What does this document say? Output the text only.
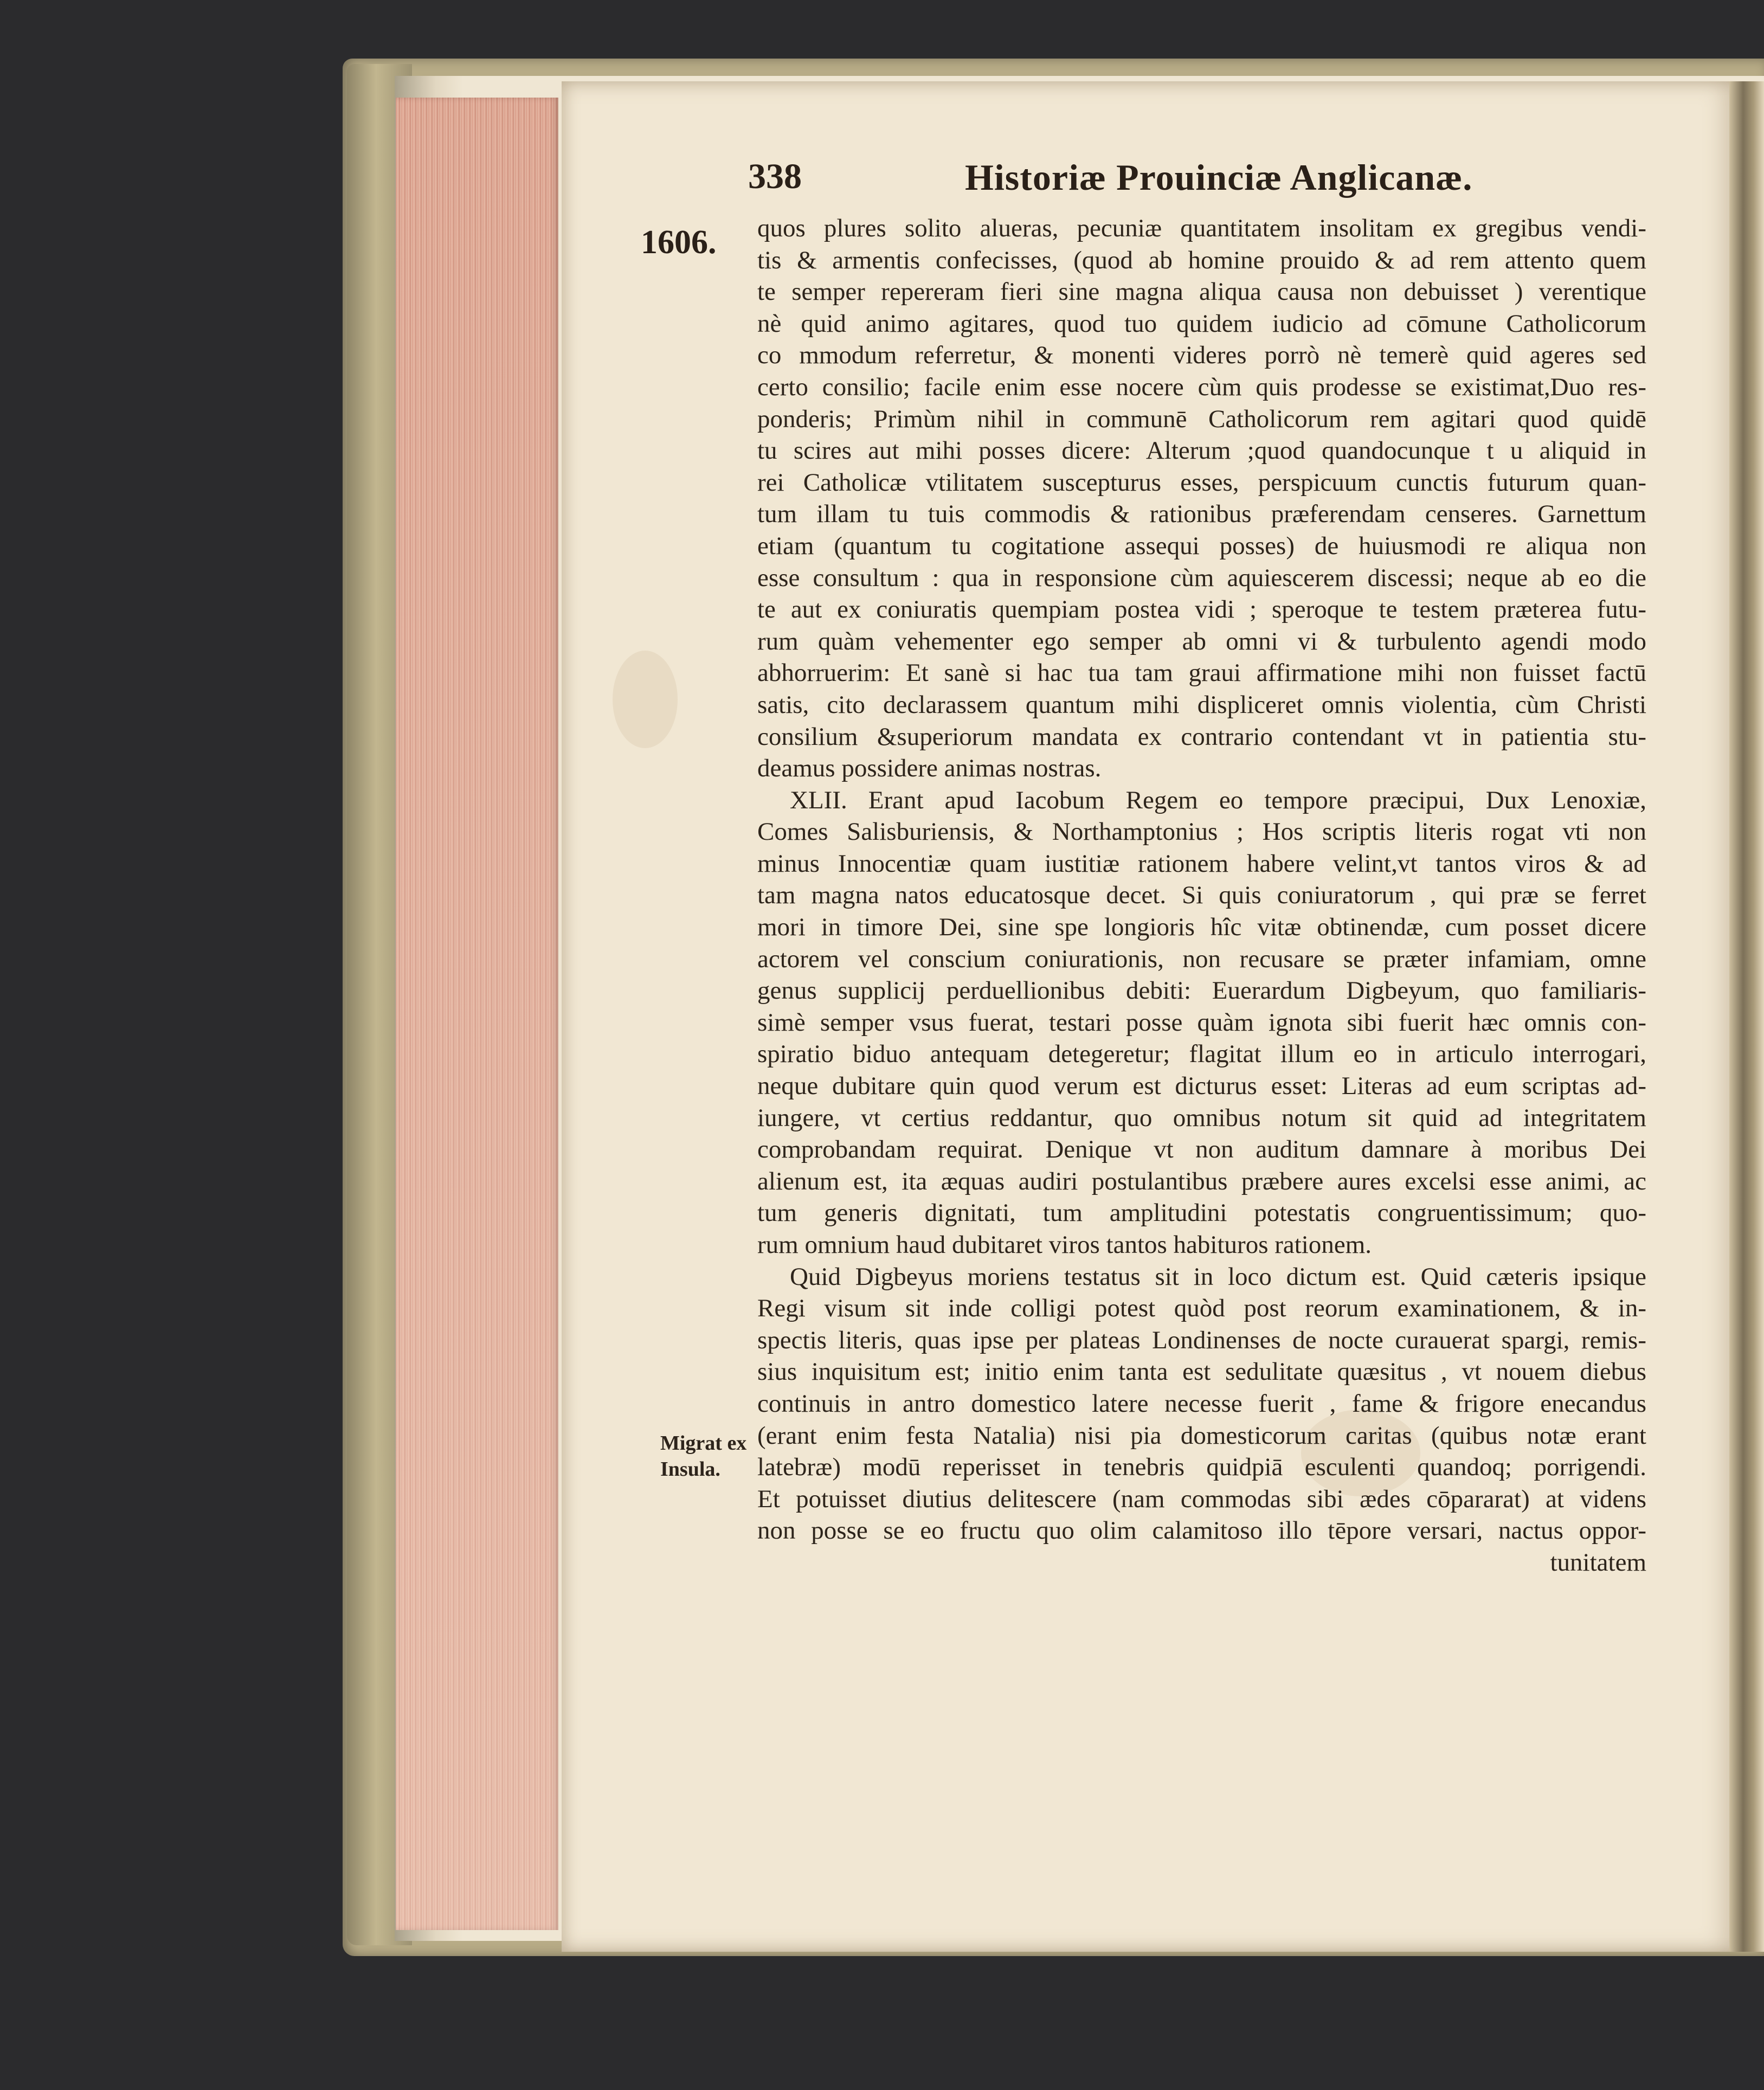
338	Historiæ Prouinciæ Anglicanæ.
1606. quos plures solito alueras, pecuniæ quantitatem insolitam ex gregibus vendi-
tis & armentis confecisses, (quod ab homine prouido & ad rem attento quem
te semper repereram fieri sine magna aliqua causa non debuisset ) verentique
nè quid animo agitares, quod tuo quidem iudicio ad cōmune Catholicorum
co mmodum referretur, & monenti videres porrò nè temerè quid ageres sed
certo consilio; facile enim esse nocere cùm quis prodesse se existimat,Duo res-
ponderis; Primùm nihil in communē Catholicorum rem agitari quod quidē
tu scires aut mihi posses dicere: Alterum ;quod quandocunque t u aliquid in
rei Catholicæ vtilitatem suscepturus esses, perspicuum cunctis futurum quan-
tum illam tu tuis commodis & rationibus præferendam censeres. Garnettum
etiam (quantum tu cogitatione assequi posses) de huiusmodi re aliqua non
esse consultum : qua in responsione cùm aquiescerem discessi; neque ab eo die
te aut ex coniuratis quempiam postea vidi ; speroque te testem præterea futu-
rum quàm vehementer ego semper ab omni vi & turbulento agendi modo
abhorruerim: Et sanè si hac tua tam graui affirmatione mihi non fuisset factū
satis, cito declarassem quantum mihi displiceret omnis violentia, cùm Christi
consilium &superiorum mandata ex contrario contendant vt in patientia stu-
deamus possidere animas nostras.
XLII. Erant apud Iacobum Regem eo tempore præcipui, Dux Lenoxiæ,
Comes Salisburiensis, & Northamptonius ; Hos scriptis literis rogat vti non
minus Innocentiæ quam iustitiæ rationem habere velint,vt tantos viros & ad
tam magna natos educatosque decet. Si quis coniuratorum , qui præ se ferret
mori in timore Dei, sine spe longioris hîc vitæ obtinendæ, cum posset dicere
actorem vel conscium coniurationis, non recusare se præter infamiam, omne
genus supplicij perduellionibus debiti: Euerardum Digbeyum, quo familiaris-
simè semper vsus fuerat, testari posse quàm ignota sibi fuerit hæc omnis con-
spiratio biduo antequam detegeretur; flagitat illum eo in articulo interrogari,
neque dubitare quin quod verum est dicturus esset: Literas ad eum scriptas ad-
iungere, vt certius reddantur, quo omnibus notum sit quid ad integritatem
comprobandam requirat. Denique vt non auditum damnare à moribus Dei
alienum est, ita æquas audiri postulantibus præbere aures excelsi esse animi, ac
tum generis dignitati, tum amplitudini potestatis congruentissimum; quo-
rum omnium haud dubitaret viros tantos habituros rationem.
Quid Digbeyus moriens testatus sit in loco dictum est. Quid cæteris ipsique
Regi visum sit inde colligi potest quòd post reorum examinationem, & in-
spectis literis, quas ipse per plateas Londinenses de nocte curauerat spargi, remis-
sius inquisitum est; initio enim tanta est sedulitate quæsitus , vt nouem diebus
continuis in antro domestico latere necesse fuerit , fame & frigore enecandus
(erant enim festa Natalia) nisi pia domesticorum caritas (quibus notæ erant
latebræ) modū reperisset in tenebris quidpiā esculenti quandoq; porrigendi.
Et potuisset diutius delitescere (nam commodas sibi ædes cōpararat) at videns
non posse se eo fructu quo olim calamitoso illo tēpore versari, nactus oppor-
tunitatem
Migrat ex
Insula.
